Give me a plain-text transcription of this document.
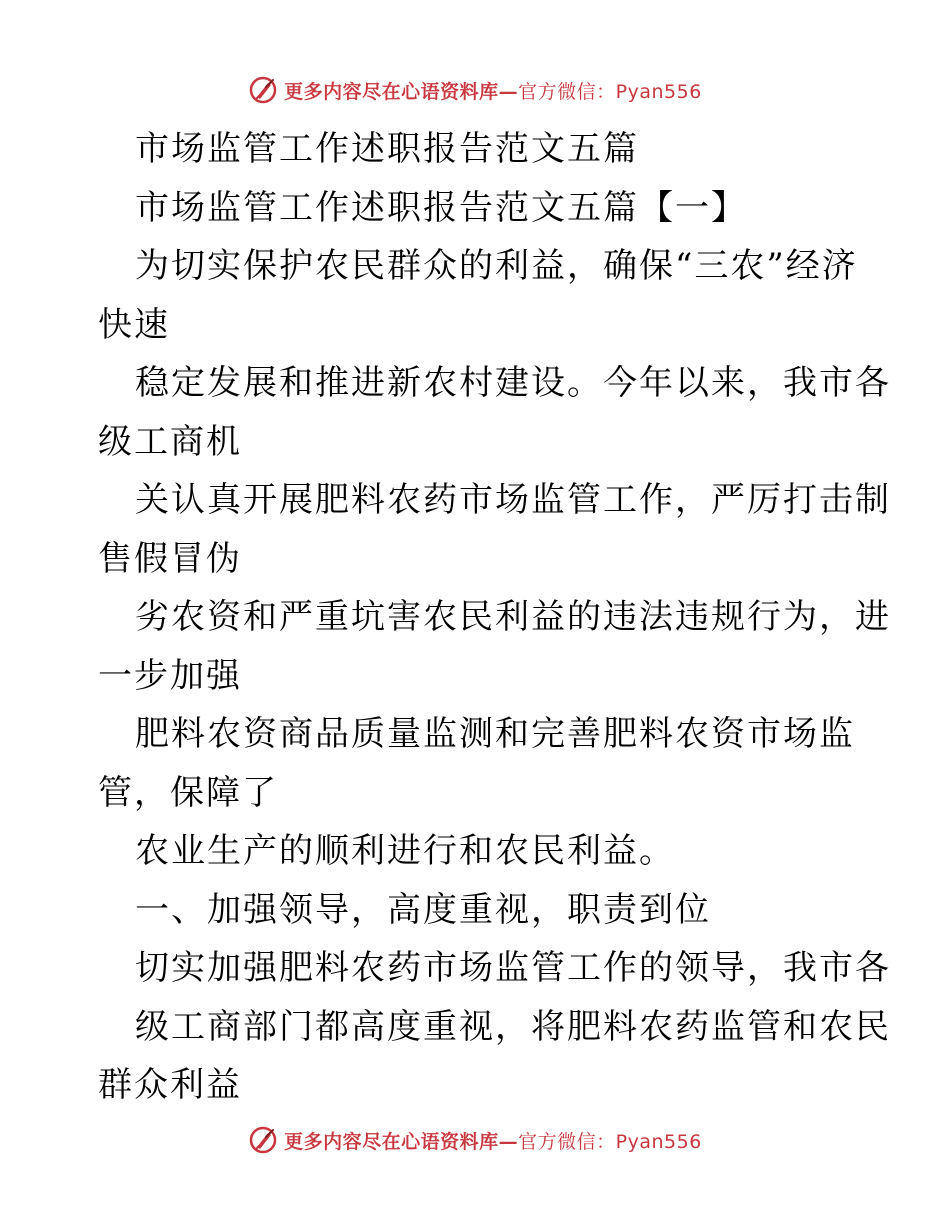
更多内容尽在心语资料库—官方微信：Pyan556
市场监管工作述职报告范文五篇
市场监管工作述职报告范文五篇【一】
为切实保护农民群众的利益，确保“三农”经济
快速
稳定发展和推进新农村建设。今年以来，我市各
级工商机
关认真开展肥料农药市场监管工作，严厉打击制
售假冒伪
劣农资和严重坑害农民利益的违法违规行为，进
一步加强
肥料农资商品质量监测和完善肥料农资市场监
管，保障了
农业生产的顺利进行和农民利益。
一、加强领导，高度重视，职责到位
切实加强肥料农药市场监管工作的领导，我市各
级工商部门都高度重视，将肥料农药监管和农民
群众利益
更多内容尽在心语资料库—官方微信：Pyan556
